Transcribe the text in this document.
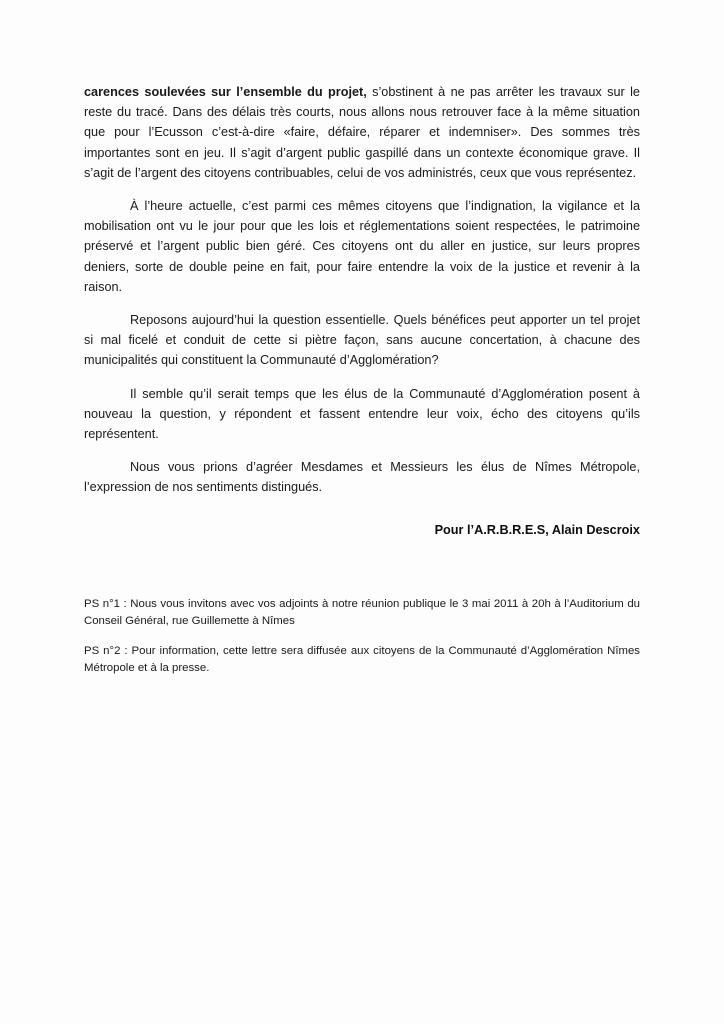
carences soulevées sur l’ensemble du projet, s’obstinent à ne pas arrêter les travaux sur le reste du tracé. Dans des délais très courts, nous allons nous retrouver face à la même situation que pour l’Ecusson c’est-à-dire «faire, défaire, réparer et indemniser». Des sommes très importantes sont en jeu. Il s’agit d’argent public gaspillé dans un contexte économique grave. Il s’agit de l’argent des citoyens contribuables, celui de vos administrés, ceux que vous représentez.

À l’heure actuelle, c’est parmi ces mêmes citoyens que l’indignation, la vigilance et la mobilisation ont vu le jour pour que les lois et réglementations soient respectées, le patrimoine préservé et l’argent public bien géré. Ces citoyens ont du aller en justice, sur leurs propres deniers, sorte de double peine en fait, pour faire entendre la voix de la justice et revenir à la raison.

Reposons aujourd’hui la question essentielle. Quels bénéfices peut apporter un tel projet si mal ficelé et conduit de cette si piètre façon, sans aucune concertation, à chacune des municipalités qui constituent la Communauté d’Agglomération?

Il semble qu’il serait temps que les élus de la Communauté d’Agglomération posent à nouveau la question, y répondent et fassent entendre leur voix, écho des citoyens qu’ils représentent.

Nous vous prions d’agréer Mesdames et Messieurs les élus de Nîmes Métropole, l’expression de nos sentiments distingués.

Pour l’A.R.B.R.E.S, Alain Descroix

PS n°1 : Nous vous invitons avec vos adjoints à notre réunion publique le 3 mai 2011 à 20h à l’Auditorium du Conseil Général, rue Guillemette à Nîmes

PS n°2 : Pour information, cette lettre sera diffusée aux citoyens de la Communauté d’Agglomération Nîmes Métropole et à la presse.
